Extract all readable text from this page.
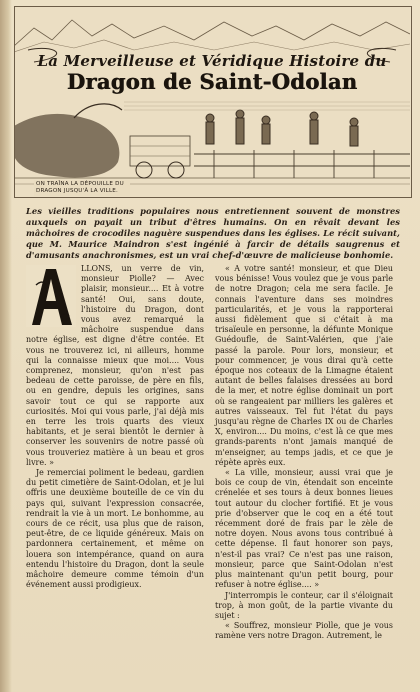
La Merveilleuse et Véridique Histoire du
Dragon de Saint-Odolan
ON TRAÎNA LA DÉPOUILLE DU DRAGON JUSQU'À LA VILLE.
Les vieilles traditions populaires nous entretiennent souvent de monstres auxquels on payait un tribut d'êtres humains. On en rêvait devant les mâchoires de crocodiles naguère suspendues dans les églises. Le récit suivant, que M. Maurice Maindron s'est ingénié à farcir de détails saugrenus et d'amusants anachronismes, est un vrai chef-d'œuvre de malicieuse bonhomie.
A

LLONS, un verre de vin, monsieur Piolle? — Avec plaisir, monsieur.... Et à votre santé! Oui, sans doute, l'histoire du Dragon, dont vous avez remarqué la mâchoire suspendue dans notre église, est digne d'être contée. Et vous ne trouverez ici, ni ailleurs, homme qui la connaisse mieux que moi.... Vous comprenez, monsieur, qu'on n'est pas bedeau de cette paroisse, de père en fils, ou en gendre, depuis les origines, sans savoir tout ce qui se rapporte aux curiosités. Moi qui vous parle, j'ai déjà mis en terre les trois quarts des vieux habitants, et je serai bientôt le dernier à conserver les souvenirs de notre passé où vous trouveriez matière à un beau et gros livre. »

Je remerciai poliment le bedeau, gardien du petit cimetière de Saint-Odolan, et je lui offris une deuxième bouteille de ce vin du pays qui, suivant l'expression consacrée, rendrait la vie à un mort. Le bonhomme, au cours de ce récit, usa plus que de raison, peut-être, de ce liquide généreux. Mais on pardonnera certainement, et même on louera son intempérance, quand on aura entendu l'histoire du Dragon, dont la seule mâchoire demeure comme témoin d'un événement aussi prodigieux.

« A votre santé! monsieur, et que Dieu vous bénisse! Vous voulez que je vous parle de notre Dragon; cela me sera facile. Je connais l'aventure dans ses moindres particularités, et je vous la rapporterai aussi fidèlement que si c'était à ma trisaïeule en personne, la défunte Monique Guédoufle, de Saint-Valérien, que j'aie passé la parole. Pour lors, monsieur, et pour commencer, je vous dirai qu'à cette époque nos coteaux de la Limagne étaient autant de belles falaises dressées au bord de la mer, et notre église dominait un port où se rangeaient par milliers les galères et autres vaisseaux. Tel fut l'état du pays jusqu'au règne de Charles IX ou de Charles X, environ.... Du moins, c'est là ce que mes grands-parents n'ont jamais manqué de m'enseigner, au temps jadis, et ce que je répète après eux.

« La ville, monsieur, aussi vrai que je bois ce coup de vin, étendait son enceinte crénelée et ses tours à deux bonnes lieues tout autour du clocher fortifié. Et je vous prie d'observer que le coq en a été tout récemment doré de frais par le zèle de notre doyen. Nous avons tous contribué à cette dépense. Il faut honorer son pays, n'est-il pas vrai? Ce n'est pas une raison, monsieur, parce que Saint-Odolan n'est plus maintenant qu'un petit bourg, pour refuser à notre église.... »

J'interrompis le conteur, car il s'éloignait trop, à mon goût, de la partie vivante du sujet :

« Souffrez, monsieur Piolle, que je vous ramène vers notre Dragon. Autrement, le
